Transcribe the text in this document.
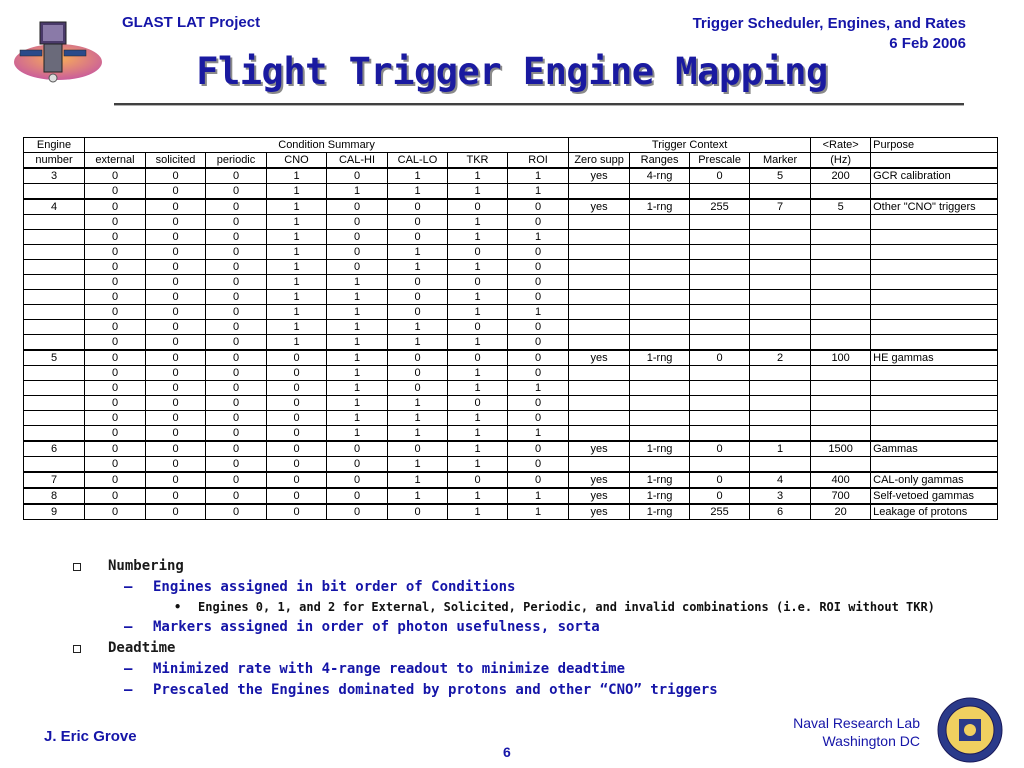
GLAST LAT Project	Trigger Scheduler, Engines, and Rates
6 Feb 2006
Flight Trigger Engine Mapping
Engine	Condition Summary								Trigger Context				<Rate>	Purpose
number	external	solicited	periodic	CNO	CAL-HI	CAL-LO	TKR	ROI	Zero supp	Ranges	Prescale	Marker	(Hz)	
3	0	0	0	1	0	1	1	1	yes	4-rng	0	5	200	GCR calibration
	0	0	0	1	1	1	1	1						
4	0	0	0	1	0	0	0	0	yes	1-rng	255	7	5	Other "CNO" triggers
	0	0	0	1	0	0	1	0						
	0	0	0	1	0	0	1	1						
	0	0	0	1	0	1	0	0						
	0	0	0	1	0	1	1	0						
	0	0	0	1	1	0	0	0						
	0	0	0	1	1	0	1	0						
	0	0	0	1	1	0	1	1						
	0	0	0	1	1	1	0	0						
	0	0	0	1	1	1	1	0						
5	0	0	0	0	1	0	0	0	yes	1-rng	0	2	100	HE gammas
	0	0	0	0	1	0	1	0						
	0	0	0	0	1	0	1	1						
	0	0	0	0	1	1	0	0						
	0	0	0	0	1	1	1	0						
	0	0	0	0	1	1	1	1						
6	0	0	0	0	0	0	1	0	yes	1-rng	0	1	1500	Gammas
	0	0	0	0	0	1	1	0						
7	0	0	0	0	0	1	0	0	yes	1-rng	0	4	400	CAL-only gammas
8	0	0	0	0	0	1	1	1	yes	1-rng	0	3	700	Self-vetoed gammas
9	0	0	0	0	0	0	1	1	yes	1-rng	255	6	20	Leakage of protons
Numbering
– Engines assigned in bit order of Conditions
• Engines 0, 1, and 2 for External, Solicited, Periodic, and invalid combinations (i.e. ROI without TKR)
– Markers assigned in order of photon usefulness, sorta
Deadtime
– Minimized rate with 4-range readout to minimize deadtime
– Prescaled the Engines dominated by protons and other “CNO” triggers
J. Eric Grove
6
Naval Research Lab
Washington DC
